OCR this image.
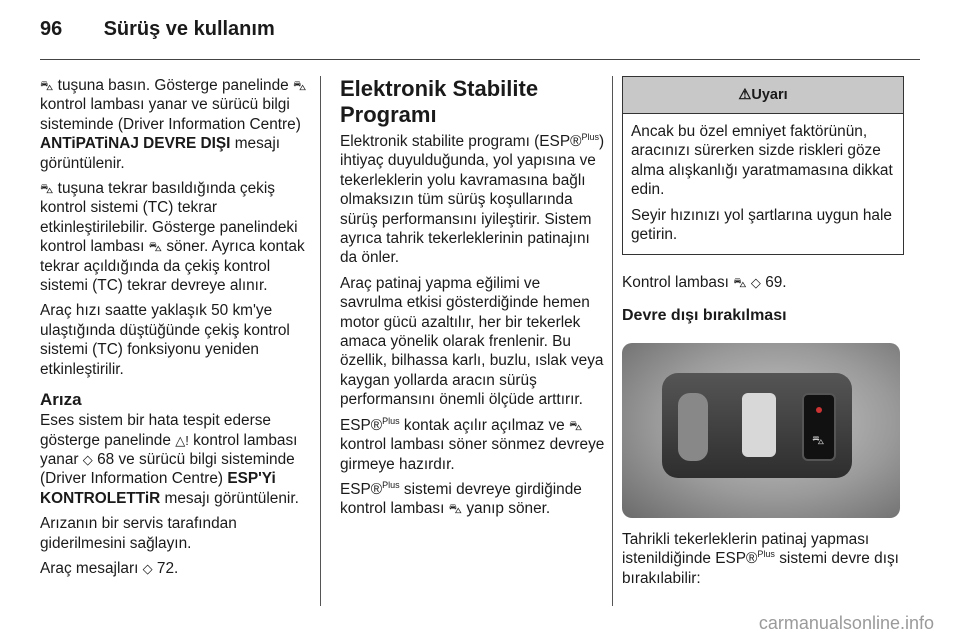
96 Sürüş ve kullanım

⛍ tuşuna basın. Gösterge panelinde ⛍ kontrol lambası yanar ve sürücü bilgi sisteminde (Driver Information Centre) ANTiPATiNAJ DEVRE DIŞI mesajı görüntülenir.

⛍ tuşuna tekrar basıldığında çekiş kontrol sistemi (TC) tekrar etkinleştirilebilir. Gösterge panelindeki kontrol lambası ⛍ söner. Ayrıca kontak tekrar açıldığında da çekiş kontrol sistemi (TC) tekrar devreye alınır.

Araç hızı saatte yaklaşık 50 km'ye ulaştığında düştüğünde çekiş kontrol sistemi (TC) fonksiyonu yeniden etkinleştirilir.

Arıza

Eses sistem bir hata tespit ederse gösterge panelinde △! kontrol lambası yanar ◇ 68 ve sürücü bilgi sisteminde (Driver Information Centre) ESP'Yi KONTROLETTiR mesajı görüntülenir.

Arızanın bir servis tarafından giderilmesini sağlayın.

Araç mesajları ◇ 72.

Elektronik Stabilite Programı

Elektronik stabilite programı (ESP®$^{Plus}$) ihtiyaç duyulduğunda, yol yapısına ve tekerleklerin yolu kavramasına bağlı olmaksızın tüm sürüş koşullarında sürüş performansını iyileştirir. Sistem ayrıca tahrik tekerleklerinin patinajını da önler.

Araç patinaj yapma eğilimi ve savrulma etkisi gösterdiğinde hemen motor gücü azaltılır, her bir tekerlek amaca yönelik olarak frenlenir. Bu özellik, bilhassa karlı, buzlu, ıslak veya kaygan yollarda aracın sürüş performansını önemli ölçüde arttırır.

ESP®$^{Plus}$ kontak açılır açılmaz ve ⛍ kontrol lambası söner sönmez devreye girmeye hazırdır.

ESP®$^{Plus}$ sistemi devreye girdiğinde kontrol lambası ⛍ yanıp söner.

⚠Uyarı

Ancak bu özel emniyet faktörünün, aracınızı sürerken sizde riskleri göze alma alışkanlığı yaratmamasına dikkat edin.

Seyir hızınızı yol şartlarına uygun hale getirin.

Kontrol lambası ⛍ ◇ 69.

Devre dışı bırakılması
⛍

Tahrikli tekerleklerin patinaj yapması istenildiğinde ESP®$^{Plus}$ sistemi devre dışı bırakılabilir:

carmanualsonline.info
